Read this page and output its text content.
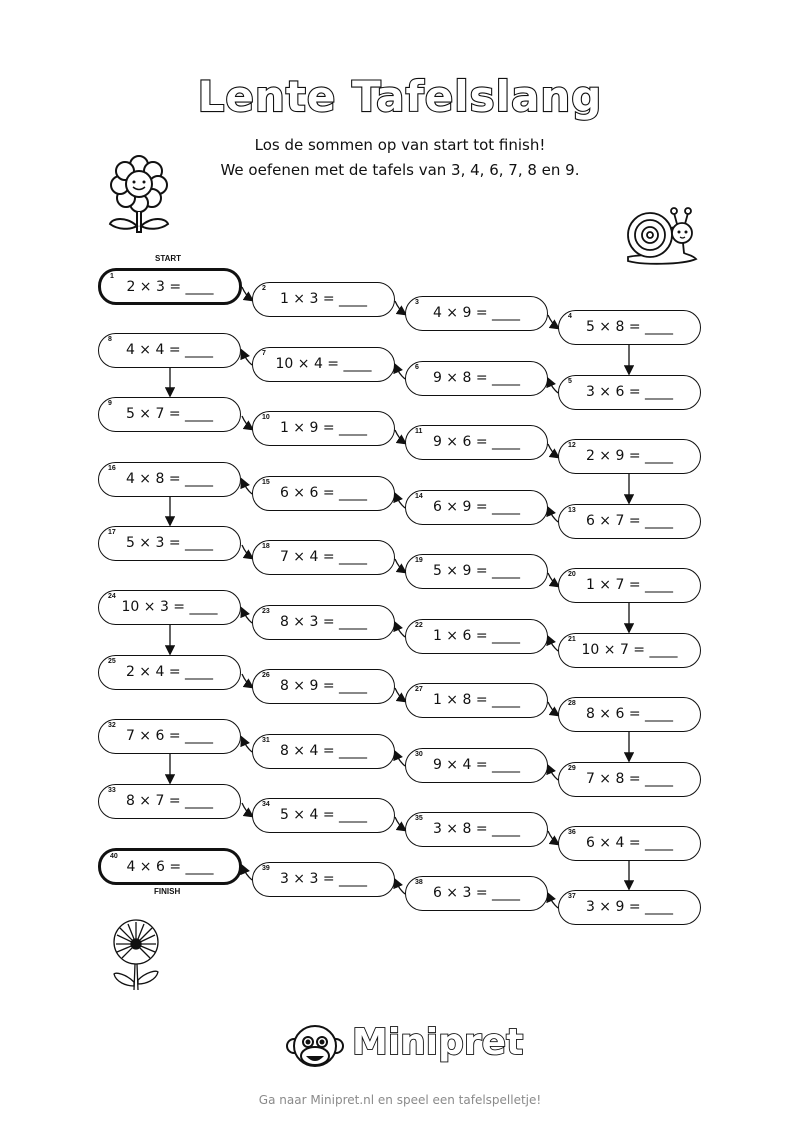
Lente Tafelslang
Los de sommen op van start tot finish!
We oefenen met de tafels van 3, 4, 6, 7, 8 en 9.
START
FINISH
1
2 × 3 = ____
8
4 × 4 = ____
9
5 × 7 = ____
16
4 × 8 = ____
17
5 × 3 = ____
24
10 × 3 = ____
25
2 × 4 = ____
32
7 × 6 = ____
33
8 × 7 = ____
40
4 × 6 = ____
2
1 × 3 = ____
7
10 × 4 = ____
10
1 × 9 = ____
15
6 × 6 = ____
18
7 × 4 = ____
23
8 × 3 = ____
26
8 × 9 = ____
31
8 × 4 = ____
34
5 × 4 = ____
39
3 × 3 = ____
3
4 × 9 = ____
6
9 × 8 = ____
11
9 × 6 = ____
14
6 × 9 = ____
19
5 × 9 = ____
22
1 × 6 = ____
27
1 × 8 = ____
30
9 × 4 = ____
35
3 × 8 = ____
38
6 × 3 = ____
4
5 × 8 = ____
5
3 × 6 = ____
12
2 × 9 = ____
13
6 × 7 = ____
20
1 × 7 = ____
21
10 × 7 = ____
28
8 × 6 = ____
29
7 × 8 = ____
36
6 × 4 = ____
37
3 × 9 = ____
Minipret
Ga naar Minipret.nl en speel een tafelspelletje!
